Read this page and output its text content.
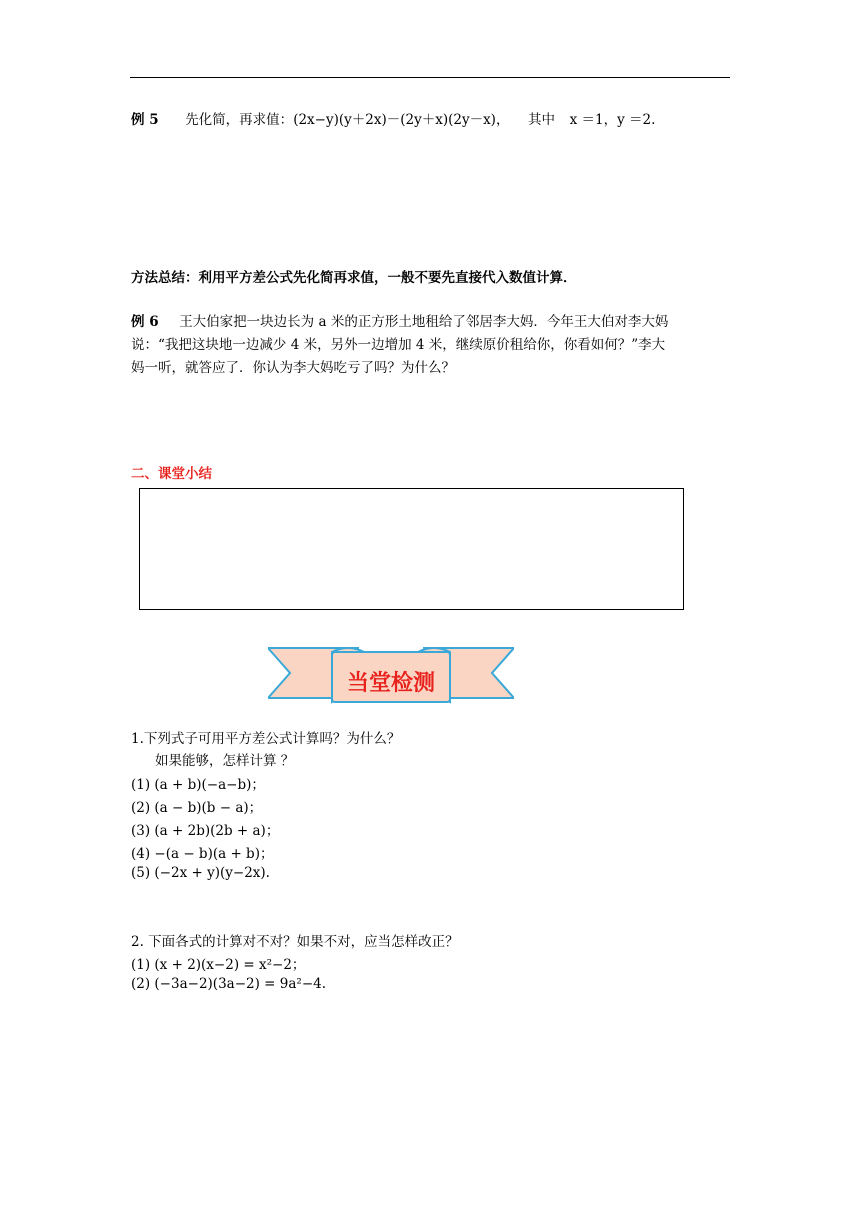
例 5 先化简，再求值：(2x−y)(y＋2x)－(2y＋x)(2y－x)， 其中 x ＝1，y ＝2.
方法总结：利用平方差公式先化简再求值，一般不要先直接代入数值计算．
例 6 王大伯家把一块边长为 a 米的正方形土地租给了邻居李大妈．今年王大伯对李大妈
说：“我把这块地一边减少 4 米，另外一边增加 4 米，继续原价租给你，你看如何？”李大
妈一听，就答应了．你认为李大妈吃亏了吗？为什么？
二、课堂小结
当堂检测
1.下列式子可用平方差公式计算吗？为什么？
如果能够，怎样计算 ？
(1) (a + b)(−a−b)；
(2) (a − b)(b − a)；
(3) (a + 2b)(2b + a)；
(4) −(a − b)(a + b)；
(5) (−2x + y)(y−2x).
2. 下面各式的计算对不对？如果不对，应当怎样改正？
(1) (x + 2)(x−2) = x²−2；
(2) (−3a−2)(3a−2) = 9a²−4.
